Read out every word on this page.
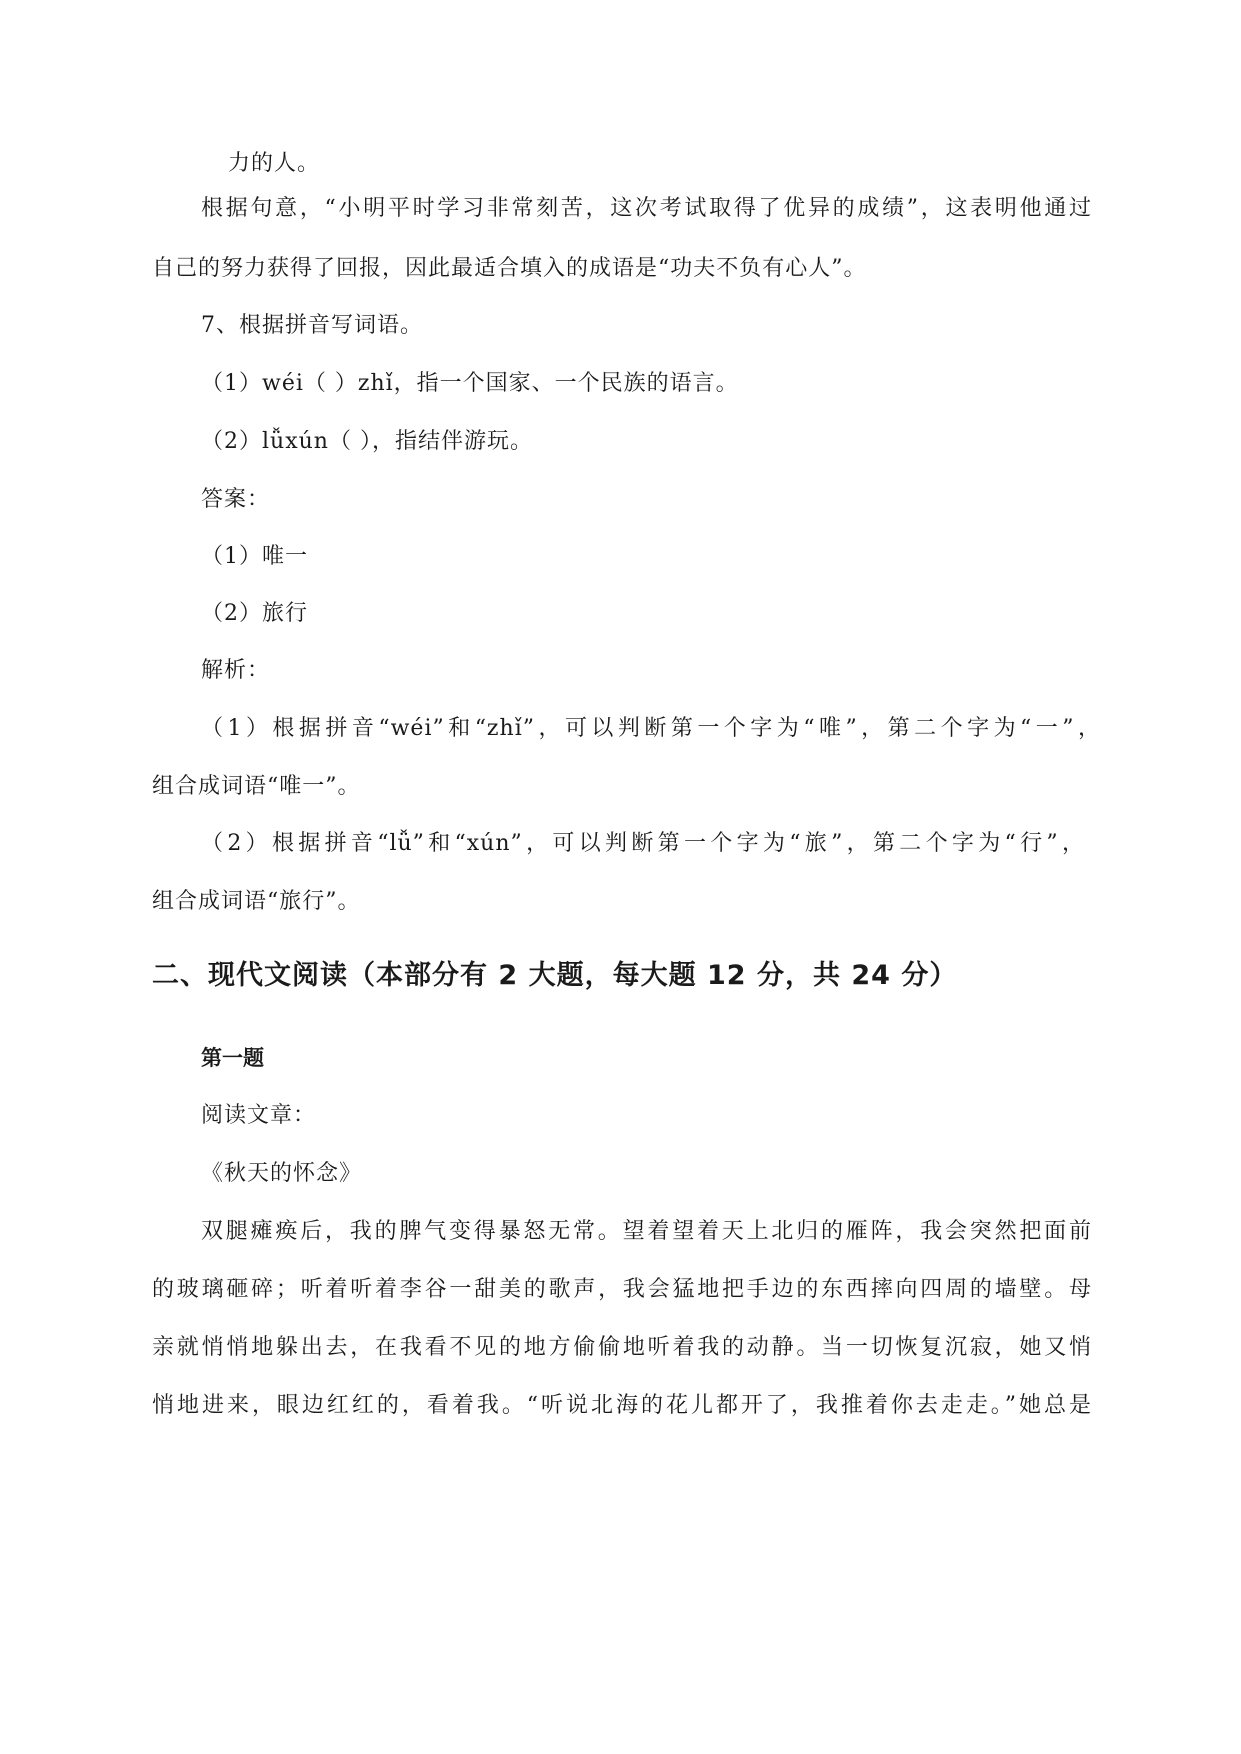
力的人。
根据句意，“小明平时学习非常刻苦，这次考试取得了优异的成绩”，这表明他通过
自己的努力获得了回报，因此最适合填入的成语是“功夫不负有心人”。
7、根据拼音写词语。
（1）wéi（ ）zhǐ，指一个国家、一个民族的语言。
（2）lǚxún（ ），指结伴游玩。
答案：
（1）唯一
（2）旅行
解析：
（1）根据拼音“wéi”和“zhǐ”，可以判断第一个字为“唯”，第二个字为“一”，
组合成词语“唯一”。
（2）根据拼音“lǚ”和“xún”，可以判断第一个字为“旅”，第二个字为“行”，
组合成词语“旅行”。
二、现代文阅读（本部分有 2 大题，每大题 12 分，共 24 分）
第一题
阅读文章：
《秋天的怀念》
双腿瘫痪后，我的脾气变得暴怒无常。望着望着天上北归的雁阵，我会突然把面前
的玻璃砸碎；听着听着李谷一甜美的歌声，我会猛地把手边的东西摔向四周的墙壁。母
亲就悄悄地躲出去，在我看不见的地方偷偷地听着我的动静。当一切恢复沉寂，她又悄
悄地进来，眼边红红的，看着我。“听说北海的花儿都开了，我推着你去走走。”她总是
